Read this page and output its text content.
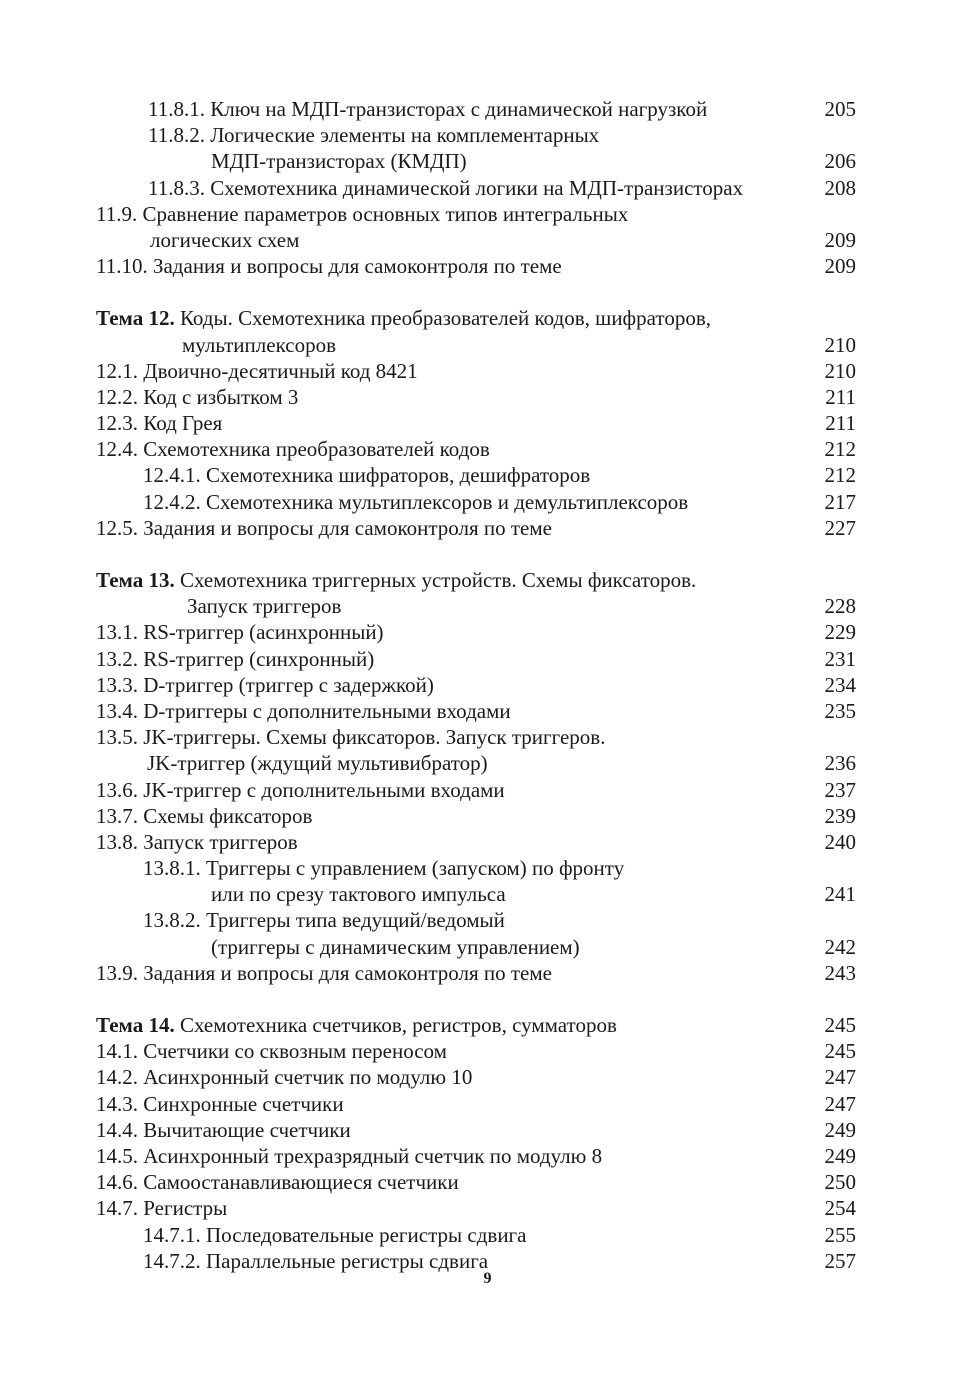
11.8.1. Ключ на МДП-транзисторах с динамической нагрузкой	205
11.8.2. Логические элементы на комплементарных
МДП-транзисторах (КМДП)	206
11.8.3. Схемотехника динамической логики на МДП-транзисторах	208
11.9. Сравнение параметров основных типов интегральных
логических схем	209
11.10. Задания и вопросы для самоконтроля по теме	209
Тема 12. Коды. Схемотехника преобразователей кодов, шифраторов,
мультиплексоров	210
12.1. Двоично-десятичный код 8421	210
12.2. Код с избытком 3	211
12.3. Код Грея	211
12.4. Схемотехника преобразователей кодов	212
12.4.1. Схемотехника шифраторов, дешифраторов	212
12.4.2. Схемотехника мультиплексоров и демультиплексоров	217
12.5. Задания и вопросы для самоконтроля по теме	227
Тема 13. Схемотехника триггерных устройств. Схемы фиксаторов.
Запуск триггеров	228
13.1. RS-триггер (асинхронный)	229
13.2. RS-триггер (синхронный)	231
13.3. D-триггер (триггер с задержкой)	234
13.4. D-триггеры с дополнительными входами	235
13.5. JK-триггеры. Схемы фиксаторов. Запуск триггеров.
JK-триггер (ждущий мультивибратор)	236
13.6. JK-триггер с дополнительными входами	237
13.7. Схемы фиксаторов	239
13.8. Запуск триггеров	240
13.8.1. Триггеры с управлением (запуском) по фронту
или по срезу тактового импульса	241
13.8.2. Триггеры типа ведущий/ведомый
(триггеры с динамическим управлением)	242
13.9. Задания и вопросы для самоконтроля по теме	243
Тема 14. Схемотехника счетчиков, регистров, сумматоров	245
14.1. Счетчики со сквозным переносом	245
14.2. Асинхронный счетчик по модулю 10	247
14.3. Синхронные счетчики	247
14.4. Вычитающие счетчики	249
14.5. Асинхронный трехразрядный счетчик по модулю 8	249
14.6. Самоостанавливающиеся счетчики	250
14.7. Регистры	254
14.7.1. Последовательные регистры сдвига	255
14.7.2. Параллельные регистры сдвига	257
9
